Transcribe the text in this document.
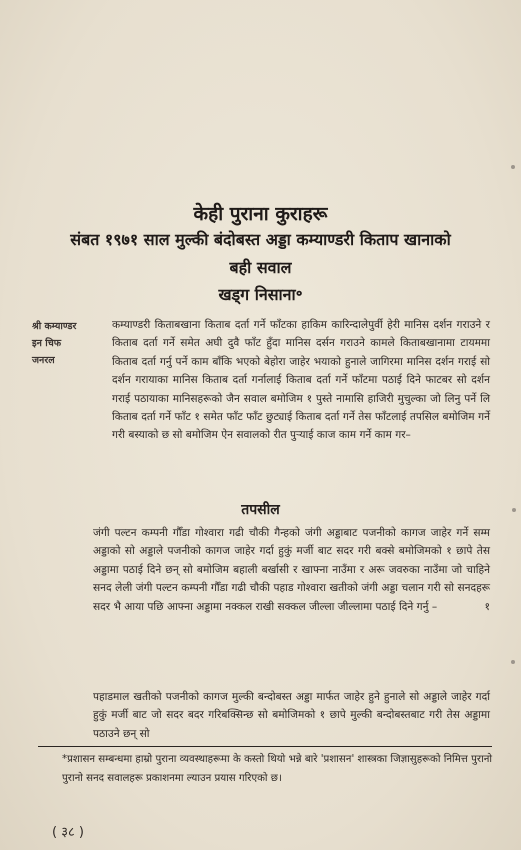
केही पुराना कुराहरू
संबत १९७१ साल मुल्की बंदोबस्त अड्डा कम्याण्डरी किताप खानाको
बही सवाल
खड्ग निसाना॰
श्री कम्याण्डर
इन चिफ
जनरल
कम्याण्डरी किताबखाना किताब दर्ता गर्ने फाँटका हाकिम कारिन्दालेपुर्वी हेरी मानिस दर्शन गराउने र किताब दर्ता गर्ने समेत अघी दुवै फाँट हुँदा मानिस दर्सन गराउने कामले किताबखानामा टायममा किताब दर्ता गर्नु पर्ने काम बाँकि भएको बेहोरा जाहेर भयाको हुनाले जागिरमा मानिस दर्शन गराई सो दर्शन गरायाका मानिस किताब दर्ता गर्नालाई किताब दर्ता गर्ने फाँटमा पठाई दिने फाटबर सो दर्शन गराई पठायाका मानिसहरूको जैन सवाल बमोजिम १ पुस्ते नामासि हाजिरी मुचुल्का जो लिनु पर्ने लि किताब दर्ता गर्ने फाँट १ समेत फाँट फाँट छुट्याई किताब दर्ता गर्ने तेस फाँटलाई तपसिल बमोजिम गर्ने गरी बस्याको छ सो बमोजिम ऐन सवालको रीत पुऱ्याई काज काम गर्ने काम गर–
तपसील
जंगी पल्टन कम्पनी गौँडा गोश्वारा गढी चौकी गैन्हको जंगी अड्डाबाट पजनीको कागज जाहेर गर्ने सम्म अड्डाको सो अड्डाले पजनीको कागज जाहेर गर्दा हुकुं मर्जी बाट सदर गरी बक्से बमोजिमको १ छापे तेस अड्डामा पठाई दिने छन् सो बमोजिम बहाली बर्खासी र खाफ्ना नाउँमा र अरू जवरुका नाउँमा जो चाहिने सनद लेली जंगी पल्टन कम्पनी गौँडा गढी चौकी पहाड गोश्वारा खतीको जंगी अड्डा चलान गरी सो सनदहरू सदर भै आया पछि आफ्ना अड्डामा नक्कल राखी सक्कल जील्ला जील्लामा पठाई दिने गर्नु –	१
पहाडमाल खतीको पजनीको कागज मुल्की बन्दोबस्त अड्डा मार्फत जाहेर हुने हुनाले सो अड्डाले जाहेर गर्दा हुकुं मर्जी बाट जो सदर बदर गरिबक्सिन्छ सो बमोजिमको १ छापे मुल्की बन्दोबस्तबाट गरी तेस अड्डामा पठाउने छन् सो
*प्रशासन सम्बन्धमा हाम्रो पुराना व्यवस्थाहरूमा के कस्तो थियो भन्ने बारे 'प्रशासन' शास्त्रका जिज्ञासुहरूको निमित्त पुरानो पुरानो सनद सवालहरू प्रकाशनमा ल्याउन प्रयास गरिएको छ।
( ३८ )
